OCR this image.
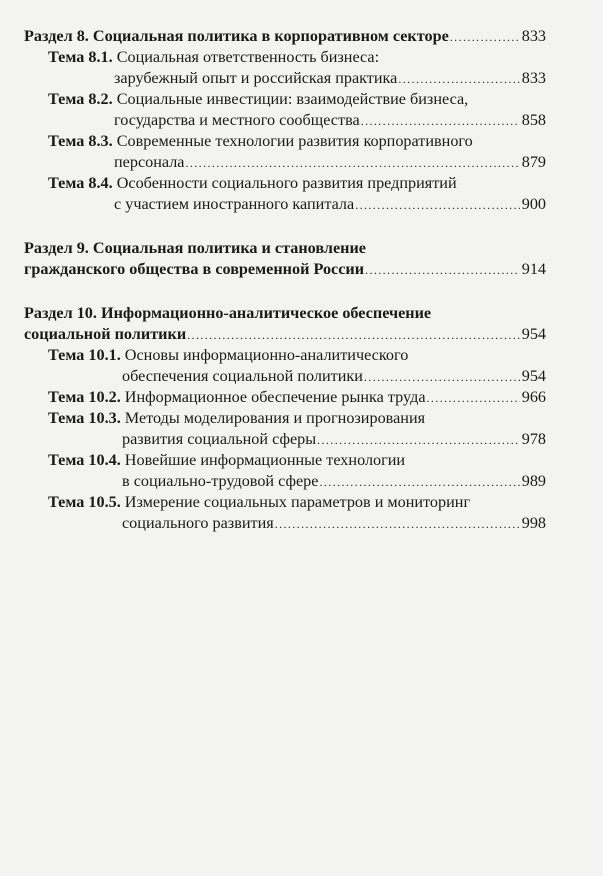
Раздел 8. Социальная политика в корпоративном секторе .....	833
Тема 8.1. Социальная ответственность бизнеса:
зарубежный опыт и российская практика .....	833
Тема 8.2. Социальные инвестиции: взаимодействие бизнеса,
государства и местного сообщества .....	858
Тема 8.3. Современные технологии развития корпоративного
персонала .....	879
Тема 8.4. Особенности социального развития предприятий
с участием иностранного капитала .....	900
Раздел 9. Социальная политика и становление
гражданского общества в современной России .....	914
Раздел 10. Информационно-аналитическое обеспечение
социальной политики .....	954
Тема 10.1. Основы информационно-аналитического
обеспечения социальной политики .....	954
Тема 10.2. Информационное обеспечение рынка труда .....	966
Тема 10.3. Методы моделирования и прогнозирования
развития социальной сферы .....	978
Тема 10.4. Новейшие информационные технологии
в социально-трудовой сфере .....	989
Тема 10.5. Измерение социальных параметров и мониторинг
социального развития .....	998
